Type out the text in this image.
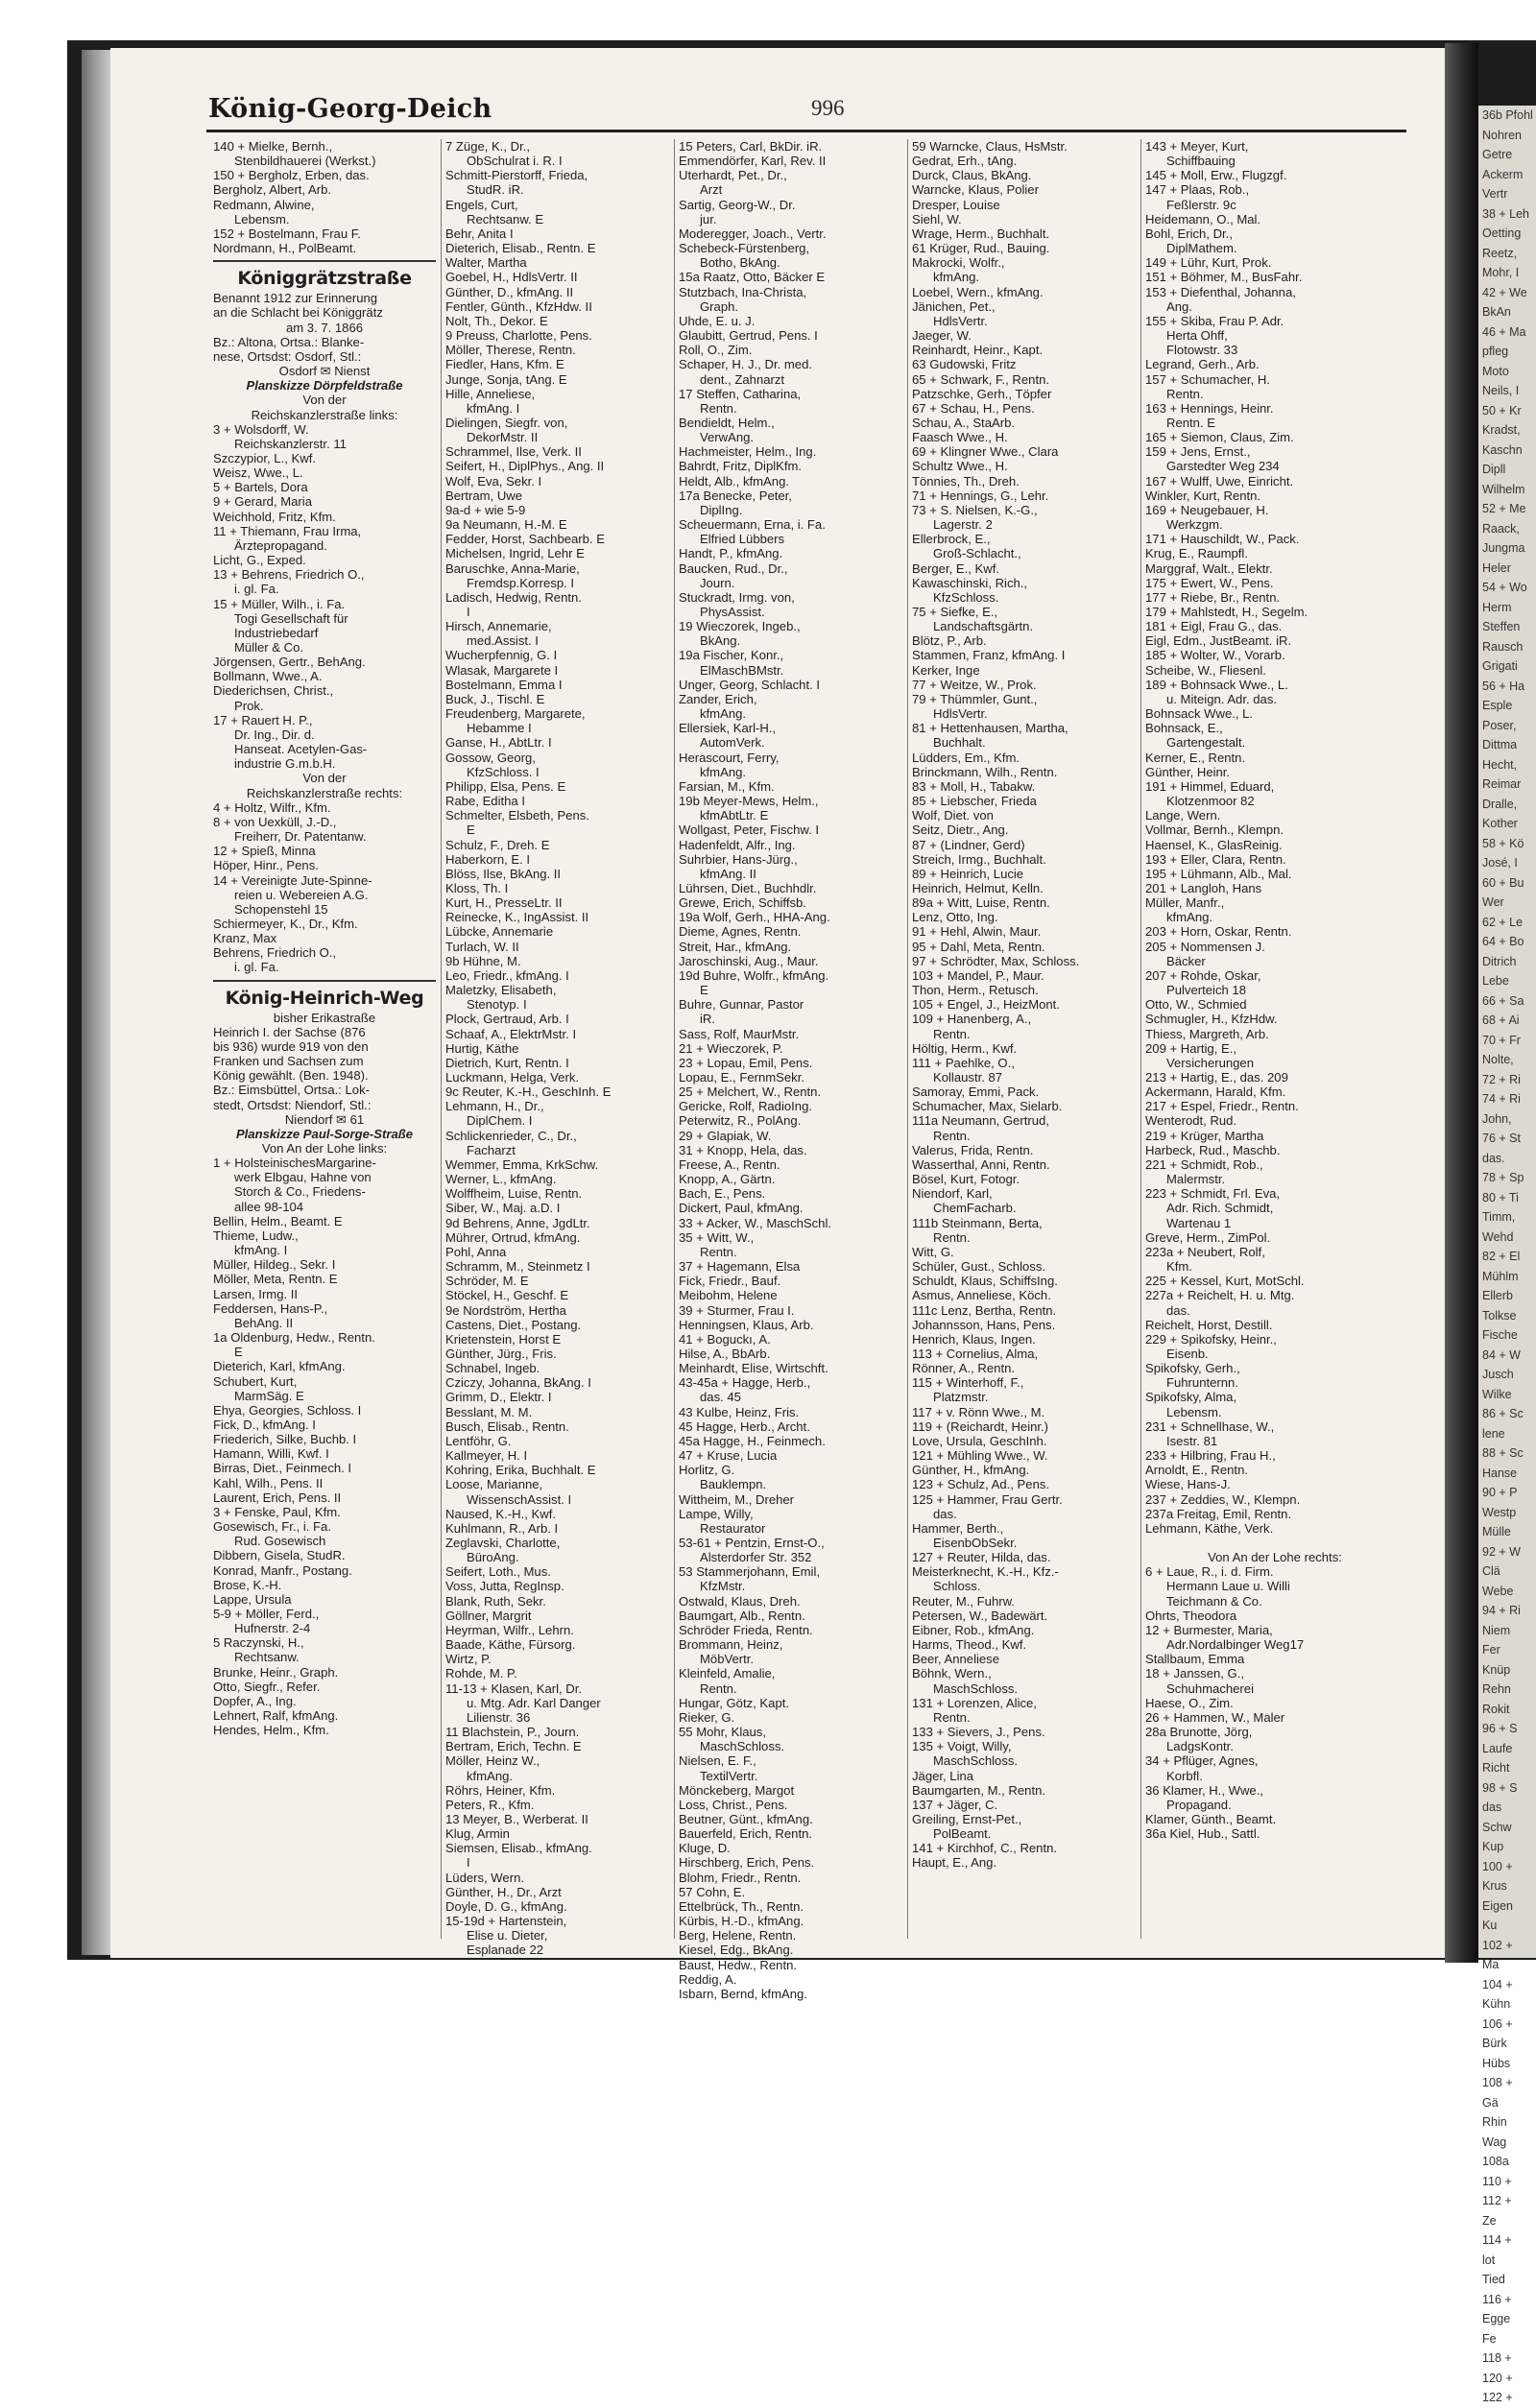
36b Pfohl
Nohren
Getre
Ackerm
Vertr
38 + Leh
Oetting
Reetz,
Mohr, I
42 + We
BkAn
46 + Ma
pfleg
Moto
Neils, I
50 + Kr
Kradst,
Kaschn
Dipll
Wilhelm
52 + Me
Raack,
Jungma
Heler
54 + Wo
Herm
Steffen
Rausch
Grigati
56 + Ha
Esple
Poser,
Dittma
Hecht,
Reimar
Dralle,
Kother
58 + Kö
José, I
60 + Bu
Wer
62 + Le
64 + Bo
Ditrich
Lebe
66 + Sa
68 + Ai
70 + Fr
Nolte,
72 + Ri
74 + Ri
John,
76 + St
das.
78 + Sp
80 + Ti
Timm,
Wehd
82 + El
Mühlm
Ellerb
Tolkse
Fische
84 + W
Jusch
Wilke
86 + Sc
lene
88 + Sc
Hanse
90 + P
Westp
Mülle
92 + W
Clä
Webe
94 + Ri
Niem
Fer
Knüp
Rehn
Rokit
96 + S
Laufe
Richt
98 + S
das
Schw
Kup
100 +
Krus
Eigen
Ku
102 +
Ma
104 +
Kühn
106 +
Bürk
Hübs
108 +
Gä
Rhin
Wag
108a
110 +
112 +
Ze
114 +
lot
Tied
116 +
Egge
Fe
118 +
120 +
122 +
König-Georg-Deich	996
140 + Mielke, Bernh.,
Stenbildhauerei (Werkst.)
150 + Bergholz, Erben, das.
Bergholz, Albert, Arb.
Redmann, Alwine,
Lebensm.
152 + Bostelmann, Frau F.
Nordmann, H., PolBeamt.
Königgrätzstraße
Benannt 1912 zur Erinnerung
an die Schlacht bei Königgrätz
am 3. 7. 1866
Bz.: Altona, Ortsa.: Blanke-
nese, Ortsdst: Osdorf, Stl.:
Osdorf ✉ Nienst
Planskizze Dörpfeldstraße
Von der
Reichskanzlerstraße links:
3 + Wolsdorff, W.
Reichskanzlerstr. 11
Szczypior, L., Kwf.
Weisz, Wwe., L.
5 + Bartels, Dora
9 + Gerard, Maria
Weichhold, Fritz, Kfm.
11 + Thiemann, Frau Irma,
Ärztepropagand.
Licht, G., Exped.
13 + Behrens, Friedrich O.,
i. gl. Fa.
15 + Müller, Wilh., i. Fa.
Togi Gesellschaft für
Industriebedarf
Müller & Co.
Jörgensen, Gertr., BehAng.
Bollmann, Wwe., A.
Diederichsen, Christ.,
Prok.
17 + Rauert H. P.,
Dr. Ing., Dir. d.
Hanseat. Acetylen-Gas-
industrie G.m.b.H.
Von der
Reichskanzlerstraße rechts:
4 + Holtz, Wilfr., Kfm.
8 + von Uexküll, J.-D.,
Freiherr, Dr. Patentanw.
12 + Spieß, Minna
Höper, Hinr., Pens.
14 + Vereinigte Jute-Spinne-
reien u. Webereien A.G.
Schopenstehl 15
Schiermeyer, K., Dr., Kfm.
Kranz, Max
Behrens, Friedrich O.,
i. gl. Fa.
König-Heinrich-Weg
bisher Erikastraße
Heinrich I. der Sachse (876
bis 936) wurde 919 von den
Franken und Sachsen zum
König gewählt. (Ben. 1948).
Bz.: Eimsbüttel, Ortsa.: Lok-
stedt, Ortsdst: Niendorf, Stl.:
Niendorf ✉ 61
Planskizze Paul-Sorge-Straße
Von An der Lohe links:
1 + HolsteinischesMargarine-
werk Elbgau, Hahne von
Storch & Co., Friedens-
allee 98-104
Bellin, Helm., Beamt. E
Thieme, Ludw.,
kfmAng. I
Müller, Hildeg., Sekr. I
Möller, Meta, Rentn. E
Larsen, Irmg. II
Feddersen, Hans-P.,
BehAng. II
1a Oldenburg, Hedw., Rentn.
E
Dieterich, Karl, kfmAng.
Schubert, Kurt,
MarmSäg. E
Ehya, Georgies, Schloss. I
Fick, D., kfmAng. I
Friederich, Silke, Buchb. I
Hamann, Willi, Kwf. I
Birras, Diet., Feinmech. I
Kahl, Wilh., Pens. II
Laurent, Erich, Pens. II
3 + Fenske, Paul, Kfm.
Gosewisch, Fr., i. Fa.
Rud. Gosewisch
Dibbern, Gisela, StudR.
Konrad, Manfr., Postang.
Brose, K.-H.
Lappe, Ursula
5-9 + Möller, Ferd.,
Hufnerstr. 2-4
5 Raczynski, H.,
Rechtsanw.
Brunke, Heinr., Graph.
Otto, Siegfr., Refer.
Dopfer, A., Ing.
Lehnert, Ralf, kfmAng.
Hendes, Helm., Kfm.
7 Züge, K., Dr.,
ObSchulrat i. R. I
Schmitt-Pierstorff, Frieda,
StudR. iR.
Engels, Curt,
Rechtsanw. E
Behr, Anita I
Dieterich, Elisab., Rentn. E
Walter, Martha
Goebel, H., HdlsVertr. II
Günther, D., kfmAng. II
Fentler, Günth., KfzHdw. II
Nolt, Th., Dekor. E
9 Preuss, Charlotte, Pens.
Möller, Therese, Rentn.
Fiedler, Hans, Kfm. E
Junge, Sonja, tAng. E
Hille, Anneliese,
kfmAng. I
Dielingen, Siegfr. von,
DekorMstr. II
Schrammel, Ilse, Verk. II
Seifert, H., DiplPhys., Ang. II
Wolf, Eva, Sekr. I
Bertram, Uwe
9a-d + wie 5-9
9a Neumann, H.-M. E
Fedder, Horst, Sachbearb. E
Michelsen, Ingrid, Lehr E
Baruschke, Anna-Marie,
Fremdsp.Korresp. I
Ladisch, Hedwig, Rentn.
I
Hirsch, Annemarie,
med.Assist. I
Wucherpfennig, G. I
Wlasak, Margarete I
Bostelmann, Emma I
Buck, J., Tischl. E
Freudenberg, Margarete,
Hebamme I
Ganse, H., AbtLtr. I
Gossow, Georg,
KfzSchloss. I
Philipp, Elsa, Pens. E
Rabe, Editha I
Schmelter, Elsbeth, Pens.
E
Schulz, F., Dreh. E
Haberkorn, E. I
Blöss, Ilse, BkAng. II
Kloss, Th. I
Kurt, H., PresseLtr. II
Reinecke, K., IngAssist. II
Lübcke, Annemarie
Turlach, W. II
9b Hühne, M.
Leo, Friedr., kfmAng. I
Maletzky, Elisabeth,
Stenotyp. I
Plock, Gertraud, Arb. I
Schaaf, A., ElektrMstr. I
Hurtig, Käthe
Dietrich, Kurt, Rentn. I
Luckmann, Helga, Verk.
9c Reuter, K.-H., GeschInh. E
Lehmann, H., Dr.,
DiplChem. I
Schlickenrieder, C., Dr.,
Facharzt
Wemmer, Emma, KrkSchw.
Werner, L., kfmAng.
Wolffheim, Luise, Rentn.
Siber, W., Maj. a.D. I
9d Behrens, Anne, JgdLtr.
Mührer, Ortrud, kfmAng.
Pohl, Anna
Schramm, M., Steinmetz I
Schröder, M. E
Stöckel, H., Geschf. E
9e Nordström, Hertha
Castens, Diet., Postang.
Krietenstein, Horst E
Günther, Jürg., Fris.
Schnabel, Ingeb.
Cziczy, Johanna, BkAng. I
Grimm, D., Elektr. I
Besslant, M. M.
Busch, Elisab., Rentn.
Lentföhr, G.
Kallmeyer, H. I
Kohring, Erika, Buchhalt. E
Loose, Marianne,
WissenschAssist. I
Naused, K.-H., Kwf.
Kuhlmann, R., Arb. I
Zeglavski, Charlotte,
BüroAng.
Seifert, Loth., Mus.
Voss, Jutta, RegInsp.
Blank, Ruth, Sekr.
Göllner, Margrit
Heyrman, Wilfr., Lehrn.
Baade, Käthe, Fürsorg.
Wirtz, P.
Rohde, M. P.
11-13 + Klasen, Karl, Dr.
u. Mtg. Adr. Karl Danger
Lilienstr. 36
11 Blachstein, P., Journ.
Bertram, Erich, Techn. E
Möller, Heinz W.,
kfmAng.
Röhrs, Heiner, Kfm.
Peters, R., Kfm.
13 Meyer, B., Werberat. II
Klug, Armin
Siemsen, Elisab., kfmAng.
I
Lüders, Wern.
Günther, H., Dr., Arzt
Doyle, D. G., kfmAng.
15-19d + Hartenstein,
Elise u. Dieter,
Esplanade 22
15 Peters, Carl, BkDir. iR.
Emmendörfer, Karl, Rev. II
Uterhardt, Pet., Dr.,
Arzt
Sartig, Georg-W., Dr.
jur.
Moderegger, Joach., Vertr.
Schebeck-Fürstenberg,
Botho, BkAng.
15a Raatz, Otto, Bäcker E
Stutzbach, Ina-Christa,
Graph.
Uhde, E. u. J.
Glaubitt, Gertrud, Pens. I
Roll, O., Zim.
Schaper, H. J., Dr. med.
dent., Zahnarzt
17 Steffen, Catharina,
Rentn.
Bendieldt, Helm.,
VerwAng.
Hachmeister, Helm., Ing.
Bahrdt, Fritz, DiplKfm.
Heldt, Alb., kfmAng.
17a Benecke, Peter,
DiplIng.
Scheuermann, Erna, i. Fa.
Elfried Lübbers
Handt, P., kfmAng.
Baucken, Rud., Dr.,
Journ.
Stuckradt, Irmg. von,
PhysAssist.
19 Wieczorek, Ingeb.,
BkAng.
19a Fischer, Konr.,
ElMaschBMstr.
Unger, Georg, Schlacht. I
Zander, Erich,
kfmAng.
Ellersiek, Karl-H.,
AutomVerk.
Herascourt, Ferry,
kfmAng.
Farsian, M., Kfm.
19b Meyer-Mews, Helm.,
kfmAbtLtr. E
Wollgast, Peter, Fischw. I
Hadenfeldt, Alfr., Ing.
Suhrbier, Hans-Jürg.,
kfmAng. II
Lührsen, Diet., Buchhdlr.
Grewe, Erich, Schiffsb.
19a Wolf, Gerh., HHA-Ang.
Dieme, Agnes, Rentn.
Streit, Har., kfmAng.
Jaroschinski, Aug., Maur.
19d Buhre, Wolfr., kfmAng.
E
Buhre, Gunnar, Pastor
iR.
Sass, Rolf, MaurMstr.
21 + Wieczorek, P.
23 + Lopau, Emil, Pens.
Lopau, E., FernmSekr.
25 + Melchert, W., Rentn.
Gericke, Rolf, RadioIng.
Peterwitz, R., PolAng.
29 + Glapiak, W.
31 + Knopp, Hela, das.
Freese, A., Rentn.
Knopp, A., Gärtn.
Bach, E., Pens.
Dickert, Paul, kfmAng.
33 + Acker, W., MaschSchl.
35 + Witt, W.,
Rentn.
37 + Hagemann, Elsa
Fick, Friedr., Bauf.
Meibohm, Helene
39 + Sturmer, Frau I.
Henningsen, Klaus, Arb.
41 + Boguckı, A.
Hilse, A., BbArb.
Meinhardt, Elise, Wirtschft.
43-45a + Hagge, Herb.,
das. 45
43 Kulbe, Heinz, Fris.
45 Hagge, Herb., Archt.
45a Hagge, H., Feinmech.
47 + Kruse, Lucia
Horlitz, G.
Bauklempn.
Wittheim, M., Dreher
Lampe, Willy,
Restaurator
53-61 + Pentzin, Ernst-O.,
Alsterdorfer Str. 352
53 Stammerjohann, Emil,
KfzMstr.
Ostwald, Klaus, Dreh.
Baumgart, Alb., Rentn.
Schröder Frieda, Rentn.
Brommann, Heinz,
MöbVertr.
Kleinfeld, Amalie,
Rentn.
Hungar, Götz, Kapt.
Rieker, G.
55 Mohr, Klaus,
MaschSchloss.
Nielsen, E. F.,
TextilVertr.
Mönckeberg, Margot
Loss, Christ., Pens.
Beutner, Günt., kfmAng.
Bauerfeld, Erich, Rentn.
Kluge, D.
Hirschberg, Erich, Pens.
Blohm, Friedr., Rentn.
57 Cohn, E.
Ettelbrück, Th., Rentn.
Kürbis, H.-D., kfmAng.
Berg, Helene, Rentn.
Kiesel, Edg., BkAng.
Baust, Hedw., Rentn.
Reddig, A.
Isbarn, Bernd, kfmAng.
59 Warncke, Claus, HsMstr.
Gedrat, Erh., tAng.
Durck, Claus, BkAng.
Warncke, Klaus, Polier
Dresper, Louise
Siehl, W.
Wrage, Herm., Buchhalt.
61 Krüger, Rud., Bauing.
Makrocki, Wolfr.,
kfmAng.
Loebel, Wern., kfmAng.
Jänichen, Pet.,
HdlsVertr.
Jaeger, W.
Reinhardt, Heinr., Kapt.
63 Gudowski, Fritz
65 + Schwark, F., Rentn.
Patzschke, Gerh., Töpfer
67 + Schau, H., Pens.
Schau, A., StaArb.
Faasch Wwe., H.
69 + Klingner Wwe., Clara
Schultz Wwe., H.
Tönnies, Th., Dreh.
71 + Hennings, G., Lehr.
73 + S. Nielsen, K.-G.,
Lagerstr. 2
Ellerbrock, E.,
Groß-Schlacht.,
Berger, E., Kwf.
Kawaschinski, Rich.,
KfzSchloss.
75 + Siefke, E.,
Landschaftsgärtn.
Blötz, P., Arb.
Stammen, Franz, kfmAng. I
Kerker, Inge
77 + Weitze, W., Prok.
79 + Thümmler, Gunt.,
HdlsVertr.
81 + Hettenhausen, Martha,
Buchhalt.
Lüdders, Em., Kfm.
Brinckmann, Wilh., Rentn.
83 + Moll, H., Tabakw.
85 + Liebscher, Frieda
Wolf, Diet. von
Seitz, Dietr., Ang.
87 + (Lindner, Gerd)
Streich, Irmg., Buchhalt.
89 + Heinrich, Lucie
Heinrich, Helmut, Kelln.
89a + Witt, Luise, Rentn.
Lenz, Otto, Ing.
91 + Hehl, Alwin, Maur.
95 + Dahl, Meta, Rentn.
97 + Schrödter, Max, Schloss.
103 + Mandel, P., Maur.
Thon, Herm., Retusch.
105 + Engel, J., HeizMont.
109 + Hanenberg, A.,
Rentn.
Höltig, Herm., Kwf.
111 + Paehlke, O.,
Kollaustr. 87
Samoray, Emmi, Pack.
Schumacher, Max, Sielarb.
111a Neumann, Gertrud,
Rentn.
Valerus, Frida, Rentn.
Wasserthal, Anni, Rentn.
Bösel, Kurt, Fotogr.
Niendorf, Karl,
ChemFacharb.
111b Steinmann, Berta,
Rentn.
Witt, G.
Schüler, Gust., Schloss.
Schuldt, Klaus, SchiffsIng.
Asmus, Anneliese, Köch.
111c Lenz, Bertha, Rentn.
Johannsson, Hans, Pens.
Henrich, Klaus, Ingen.
113 + Cornelius, Alma,
Rönner, A., Rentn.
115 + Winterhoff, F.,
Platzmstr.
117 + v. Rönn Wwe., M.
119 + (Reichardt, Heinr.)
Love, Ursula, GeschInh.
121 + Mühling Wwe., W.
Günther, H., kfmAng.
123 + Schulz, Ad., Pens.
125 + Hammer, Frau Gertr.
das.
Hammer, Berth.,
EisenbObSekr.
127 + Reuter, Hilda, das.
Meisterknecht, K.-H., Kfz.-
Schloss.
Reuter, M., Fuhrw.
Petersen, W., Badewärt.
Eibner, Rob., kfmAng.
Harms, Theod., Kwf.
Beer, Anneliese
Böhnk, Wern.,
MaschSchloss.
131 + Lorenzen, Alice,
Rentn.
133 + Sievers, J., Pens.
135 + Voigt, Willy,
MaschSchloss.
Jäger, Lina
Baumgarten, M., Rentn.
137 + Jäger, C.
Greiling, Ernst-Pet.,
PolBeamt.
141 + Kirchhof, C., Rentn.
Haupt, E., Ang.
143 + Meyer, Kurt,
Schiffbauing
145 + Moll, Erw., Flugzgf.
147 + Plaas, Rob.,
Feßlerstr. 9c
Heidemann, O., Mal.
Bohl, Erich, Dr.,
DiplMathem.
149 + Lühr, Kurt, Prok.
151 + Böhmer, M., BusFahr.
153 + Diefenthal, Johanna,
Ang.
155 + Skiba, Frau P. Adr.
Herta Ohff,
Flotowstr. 33
Legrand, Gerh., Arb.
157 + Schumacher, H.
Rentn.
163 + Hennings, Heinr.
Rentn. E
165 + Siemon, Claus, Zim.
159 + Jens, Ernst.,
Garstedter Weg 234
167 + Wulff, Uwe, Einricht.
Winkler, Kurt, Rentn.
169 + Neugebauer, H.
Werkzgm.
171 + Hauschildt, W., Pack.
Krug, E., Raumpfl.
Marggraf, Walt., Elektr.
175 + Ewert, W., Pens.
177 + Riebe, Br., Rentn.
179 + Mahlstedt, H., Segelm.
181 + Eigl, Frau G., das.
Eigl, Edm., JustBeamt. iR.
185 + Wolter, W., Vorarb.
Scheibe, W., Fliesenl.
189 + Bohnsack Wwe., L.
u. Miteign. Adr. das.
Bohnsack Wwe., L.
Bohnsack, E.,
Gartengestalt.
Kerner, E., Rentn.
Günther, Heinr.
191 + Himmel, Eduard,
Klotzenmoor 82
Lange, Wern.
Vollmar, Bernh., Klempn.
Haensel, K., GlasReinig.
193 + Eller, Clara, Rentn.
195 + Lühmann, Alb., Mal.
201 + Langloh, Hans
Müller, Manfr.,
kfmAng.
203 + Horn, Oskar, Rentn.
205 + Nommensen J.
Bäcker
207 + Rohde, Oskar,
Pulverteich 18
Otto, W., Schmied
Schmugler, H., KfzHdw.
Thiess, Margreth, Arb.
209 + Hartig, E.,
Versicherungen
213 + Hartig, E., das. 209
Ackermann, Harald, Kfm.
217 + Espel, Friedr., Rentn.
Wenterodt, Rud.
219 + Krüger, Martha
Harbeck, Rud., Maschb.
221 + Schmidt, Rob.,
Malermstr.
223 + Schmidt, Frl. Eva,
Adr. Rich. Schmidt,
Wartenau 1
Greve, Herm., ZimPol.
223a + Neubert, Rolf,
Kfm.
225 + Kessel, Kurt, MotSchl.
227a + Reichelt, H. u. Mtg.
das.
Reichelt, Horst, Destill.
229 + Spikofsky, Heinr.,
Eisenb.
Spikofsky, Gerh.,
Fuhrunternn.
Spikofsky, Alma,
Lebensm.
231 + Schnellhase, W.,
Isestr. 81
233 + Hilbring, Frau H.,
Arnoldt, E., Rentn.
Wiese, Hans-J.
237 + Zeddies, W., Klempn.
237a Freitag, Emil, Rentn.
Lehmann, Käthe, Verk.

Von An der Lohe rechts:
6 + Laue, R., i. d. Firm.
Hermann Laue u. Willi
Teichmann & Co.
Ohrts, Theodora
12 + Burmester, Maria,
Adr.Nordalbinger Weg17
Stallbaum, Emma
18 + Janssen, G.,
Schuhmacherei
Haese, O., Zim.
26 + Hammen, W., Maler
28a Brunotte, Jörg,
LadgsKontr.
34 + Pflüger, Agnes,
Korbfl.
36 Klamer, H., Wwe.,
Propagand.
Klamer, Günth., Beamt.
36a Kiel, Hub., Sattl.
